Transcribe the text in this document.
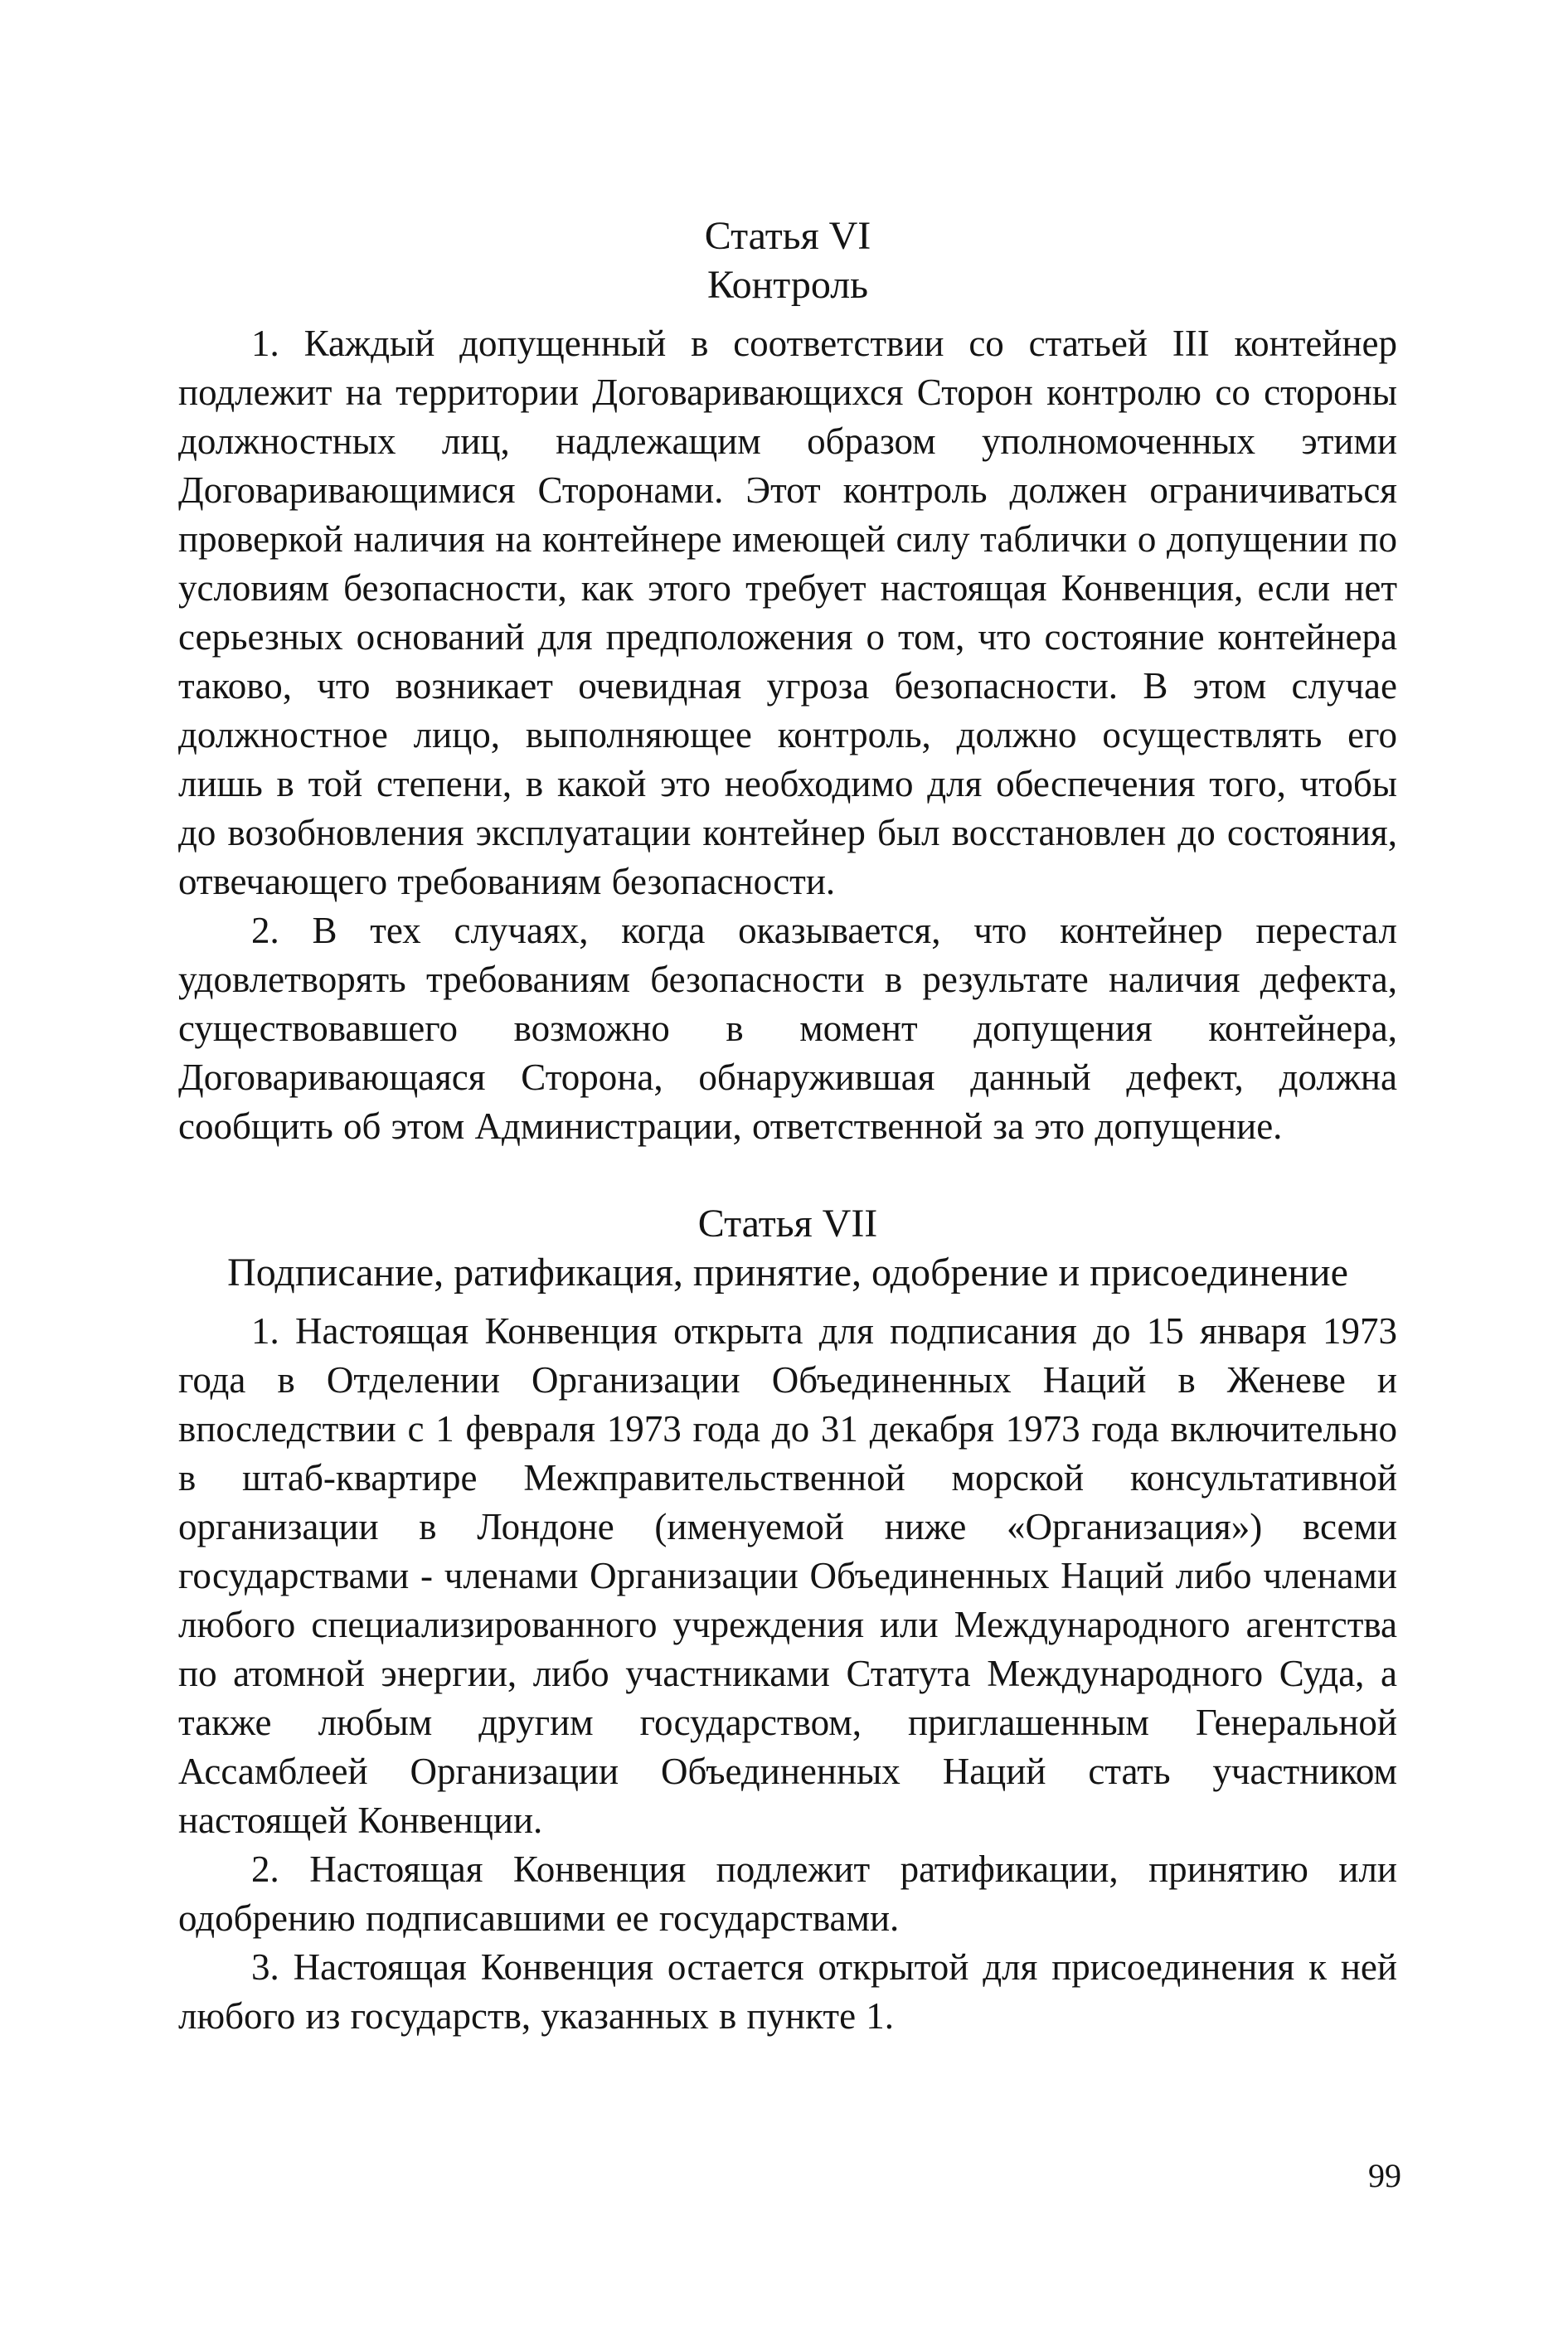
Статья VI

Контроль

1. Каждый допущенный в соответствии со статьей III контейнер подлежит на территории Договаривающихся Сторон контролю со стороны должностных лиц, надлежащим образом уполномоченных этими Договаривающимися Сторонами. Этот контроль должен ограничиваться проверкой наличия на контейнере имеющей силу таблички о допущении по условиям безопасности, как этого требует настоящая Конвенция, если нет серьезных оснований для предположения о том, что состояние контейнера таково, что возникает очевидная угроза безопасности. В этом случае должностное лицо, выполняющее контроль, должно осуществлять его лишь в той степени, в какой это необходимо для обеспечения того, чтобы до возобновления эксплуатации контейнер был восстановлен до состояния, отвечающего требованиям безопасности.

2. В тех случаях, когда оказывается, что контейнер перестал удовлетворять требованиям безопасности в результате наличия дефекта, существовавшего возможно в момент допущения контейнера, Договаривающаяся Сторона, обнаружившая данный дефект, должна сообщить об этом Администрации, ответственной за это допущение.

Статья VII

Подписание, ратификация, принятие, одобрение и присоединение

1. Настоящая Конвенция открыта для подписания до 15 января 1973 года в Отделении Организации Объединенных Наций в Женеве и впоследствии с 1 февраля 1973 года до 31 декабря 1973 года включительно в штаб-квартире Межправительственной морской консультативной организации в Лондоне (именуемой ниже «Организация») всеми государствами - членами Организации Объединенных Наций либо членами любого специализированного учреждения или Международного агентства по атомной энергии, либо участниками Статута Международного Суда, а также любым другим государством, приглашенным Генеральной Ассамблеей Организации Объединенных Наций стать участником настоящей Конвенции.

2. Настоящая Конвенция подлежит ратификации, принятию или одобрению подписавшими ее государствами.

3. Настоящая Конвенция остается открытой для присоединения к ней любого из государств, указанных в пункте 1.

99
